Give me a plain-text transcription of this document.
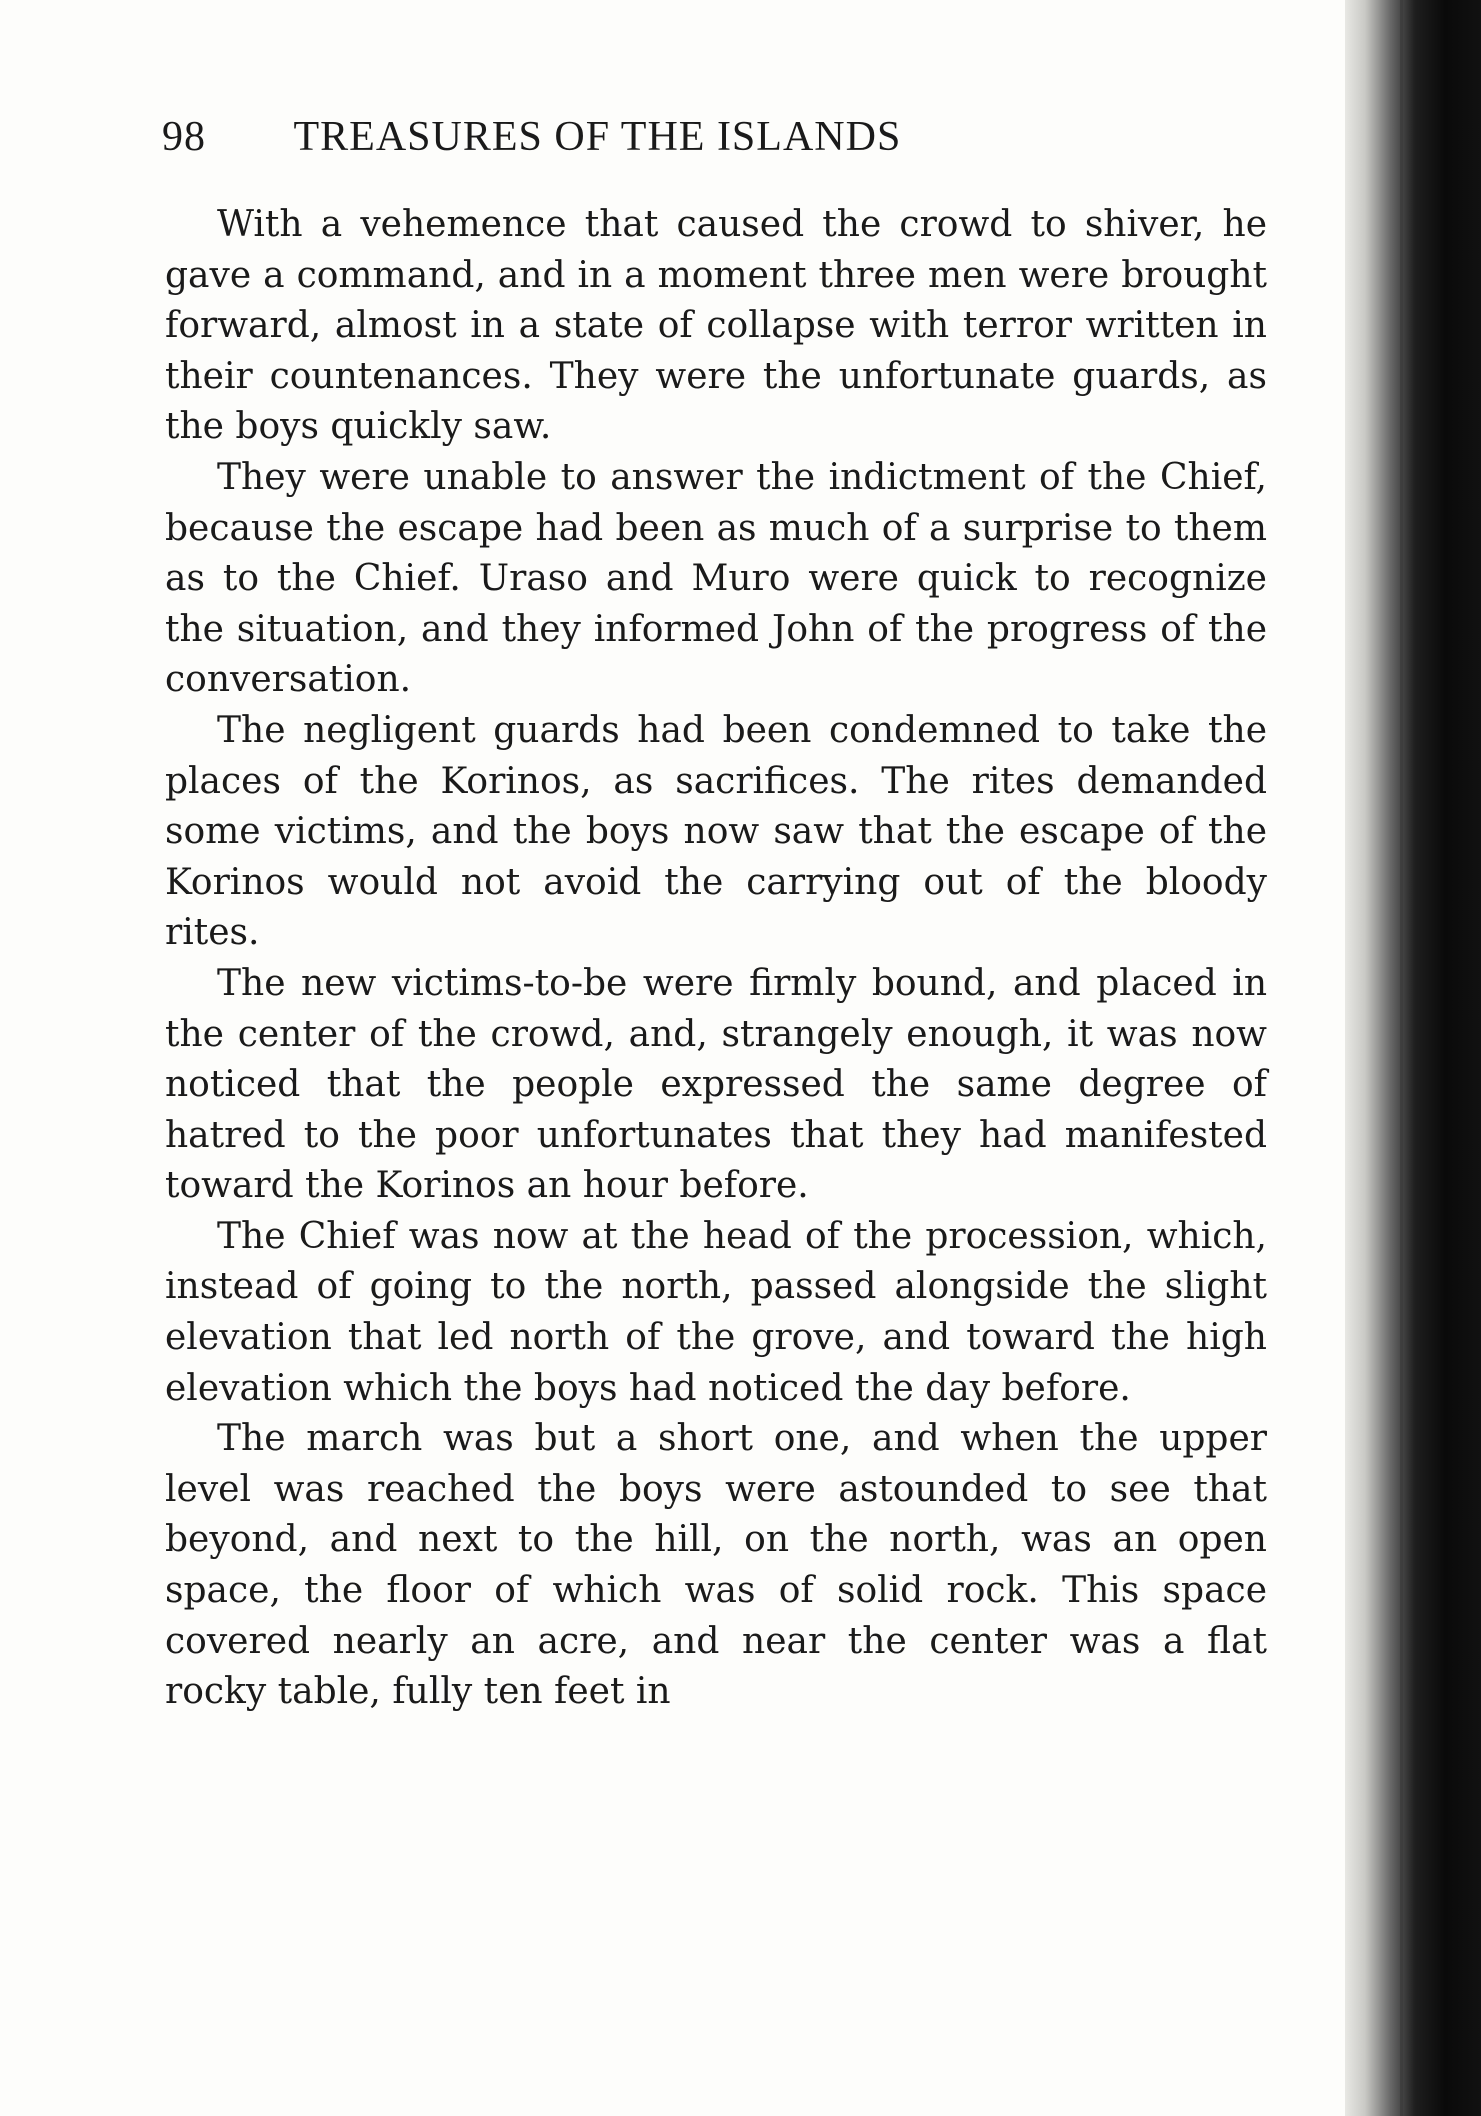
98 TREASURES OF THE ISLANDS

With a vehemence that caused the crowd to shiver, he gave a command, and in a moment three men were brought forward, almost in a state of collapse with terror written in their countenances. They were the unfortunate guards, as the boys quickly saw.

They were unable to answer the indictment of the Chief, because the escape had been as much of a surprise to them as to the Chief. Uraso and Muro were quick to recognize the situation, and they informed John of the progress of the conversation.

The negligent guards had been condemned to take the places of the Korinos, as sacrifices. The rites demanded some victims, and the boys now saw that the escape of the Korinos would not avoid the carrying out of the bloody rites.

The new victims-to-be were firmly bound, and placed in the center of the crowd, and, strangely enough, it was now noticed that the people expressed the same degree of hatred to the poor unfortunates that they had manifested toward the Korinos an hour before.

The Chief was now at the head of the procession, which, instead of going to the north, passed alongside the slight elevation that led north of the grove, and toward the high elevation which the boys had noticed the day before.

The march was but a short one, and when the upper level was reached the boys were astounded to see that beyond, and next to the hill, on the north, was an open space, the floor of which was of solid rock. This space covered nearly an acre, and near the center was a flat rocky table, fully ten feet in
